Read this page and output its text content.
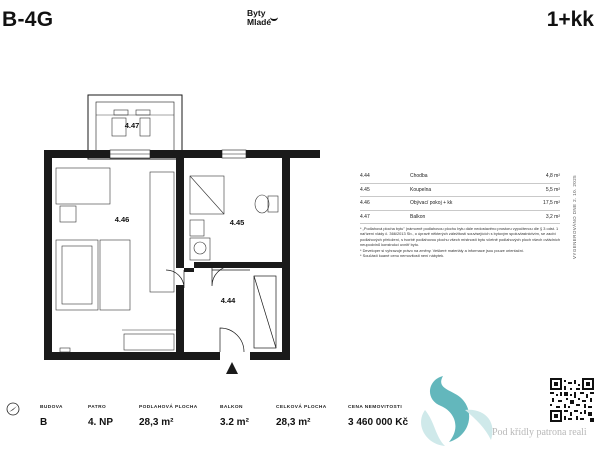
B-4G	Byty
Mladé	1+kk
4.47
4.46	4.45
4.44
4.44	Chodba	4,8 m²
4.45	Koupelna	5,5 m²
4.46	Obývací pokoj + kk	17,5 m²
4.47	Balkon	3,2 m²

* „Podlahová plocha bytu" (námorně podlahovou plochu bytu dále nedostavěno prostoru vypočtenou dle § 3 odst. 1 nařízení vlády č. 366/2013 Sb., o úpravě některých záležitostí souvisejících s bytovým spoluvlastnictvím, se zaobí podlahových přeložení, s tvorbě podlahovou plochu všech místností bytu včetně podlahových ploch všech ovládních neupodvinů konstrukcí uvnitř bytu.

* Developer si vyhrazuje právo na změny. Veškeré materiály a informace jsou pouze orientační.

* Součástí kuané cenu nemovitosti není nábytek.	VYGENEROVÁNO DNE 2. 10. 2025
BUDOVA
B
PATRO
4. NP
PODLAHOVÁ PLOCHA
28,3 m²
BALKON
3.2 m²
CELKOVÁ PLOCHA
28,3 m²
CENA NEMOVITOSTI
3 460 000 Kč
Pod křídly patrona reali
